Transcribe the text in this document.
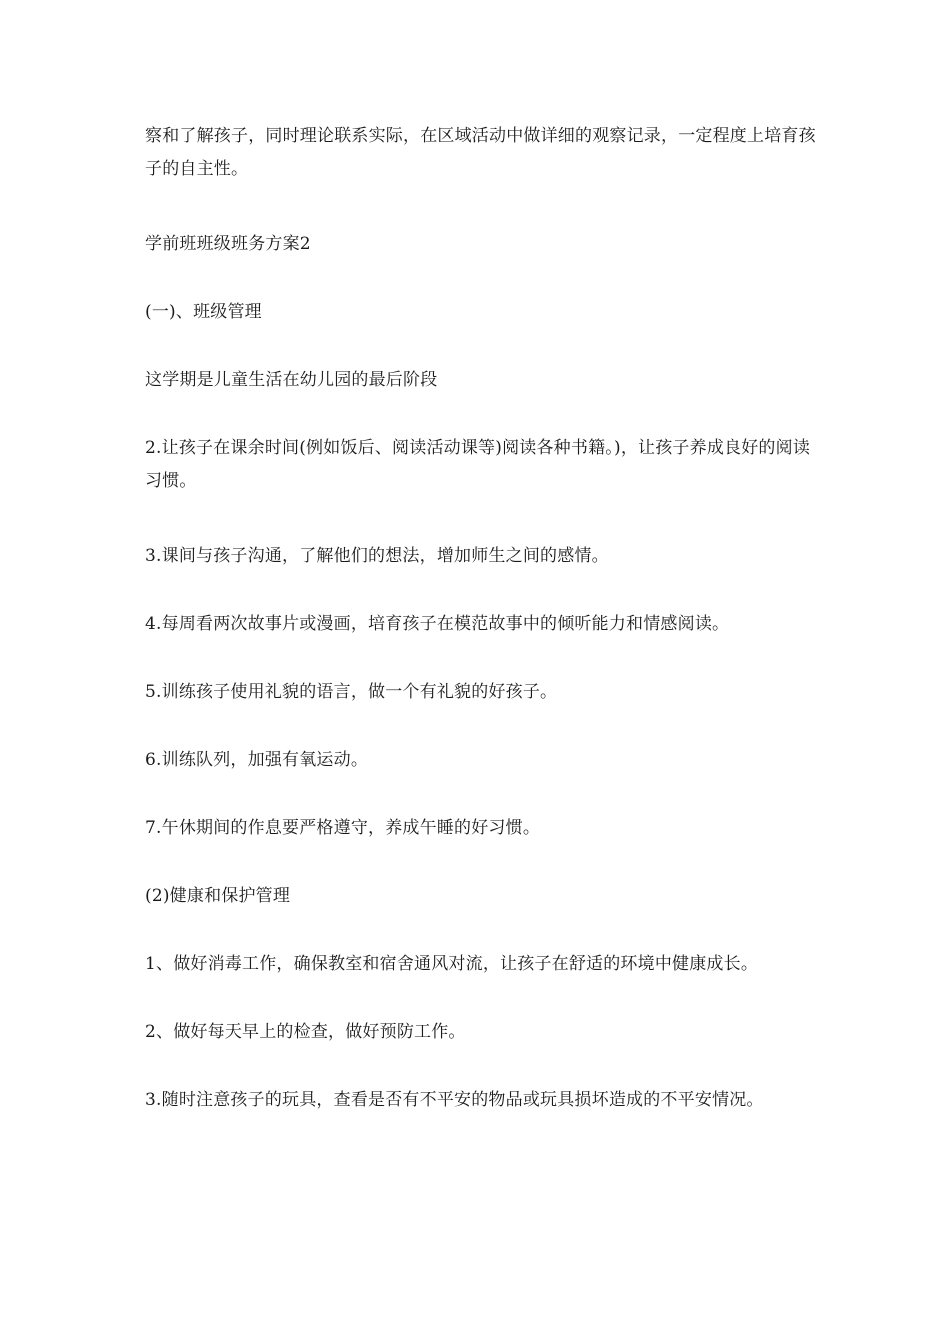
察和了解孩子，同时理论联系实际，在区域活动中做详细的观察记录，一定程度上培育孩子的自主性。

学前班班级班务方案2

(一)、班级管理

这学期是儿童生活在幼儿园的最后阶段

2.让孩子在课余时间(例如饭后、阅读活动课等)阅读各种书籍。)，让孩子养成良好的阅读习惯。

3.课间与孩子沟通，了解他们的想法，增加师生之间的感情。

4.每周看两次故事片或漫画，培育孩子在模范故事中的倾听能力和情感阅读。

5.训练孩子使用礼貌的语言，做一个有礼貌的好孩子。

6.训练队列，加强有氧运动。

7.午休期间的作息要严格遵守，养成午睡的好习惯。

(2)健康和保护管理

1、做好消毒工作，确保教室和宿舍通风对流，让孩子在舒适的环境中健康成长。

2、做好每天早上的检查，做好预防工作。

3.随时注意孩子的玩具，查看是否有不平安的物品或玩具损坏造成的不平安情况。
